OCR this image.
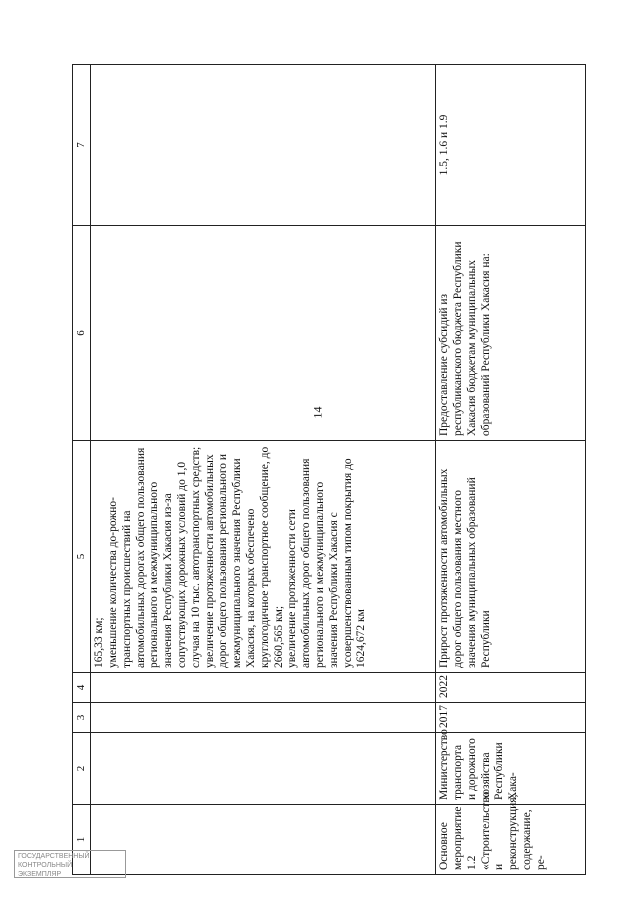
14
1	2	3	4	5	6	7

				165,33 км; уменьшение количества до-рожно-транспортных происшествий на автомобильных дорогах общего пользования регионального и межмуниципального значения Республики Хакасия из-за сопутствующих дорожных условий до 1,0 случая на 10 тыс. автотранспортных средств; увеличение протяженности автомобильных дорог общего пользования регионального и межмуниципального значения Республики Хакасия, на которых обеспечено круглогодичное транспортное сообщение, до 2660,565 км; увеличение протяженности сети автомобильных дорог общего пользования регионального и межмуниципального значения Республики Хакасия с усовершенствованным типом покрытия до 1624,672 км		

Основное мероприятие 1.2 «Строительство и реконструкция, содержание, ре-	Министерство транспорта и дорожного хозяйства Республики Хака-	2017	2022	Прирост протяженности автомобильных дорог общего пользования местного значения муниципальных образований Республики	Предоставление субсидий из республиканского бюджета Республики Хакасия бюджетам муниципальных образований Республики Хакасия на:	1.5, 1.6 и 1.9
ГОСУДАРСТВЕННЫЙ
КОНТРОЛЬНЫЙ
ЭКЗЕМПЛЯР
